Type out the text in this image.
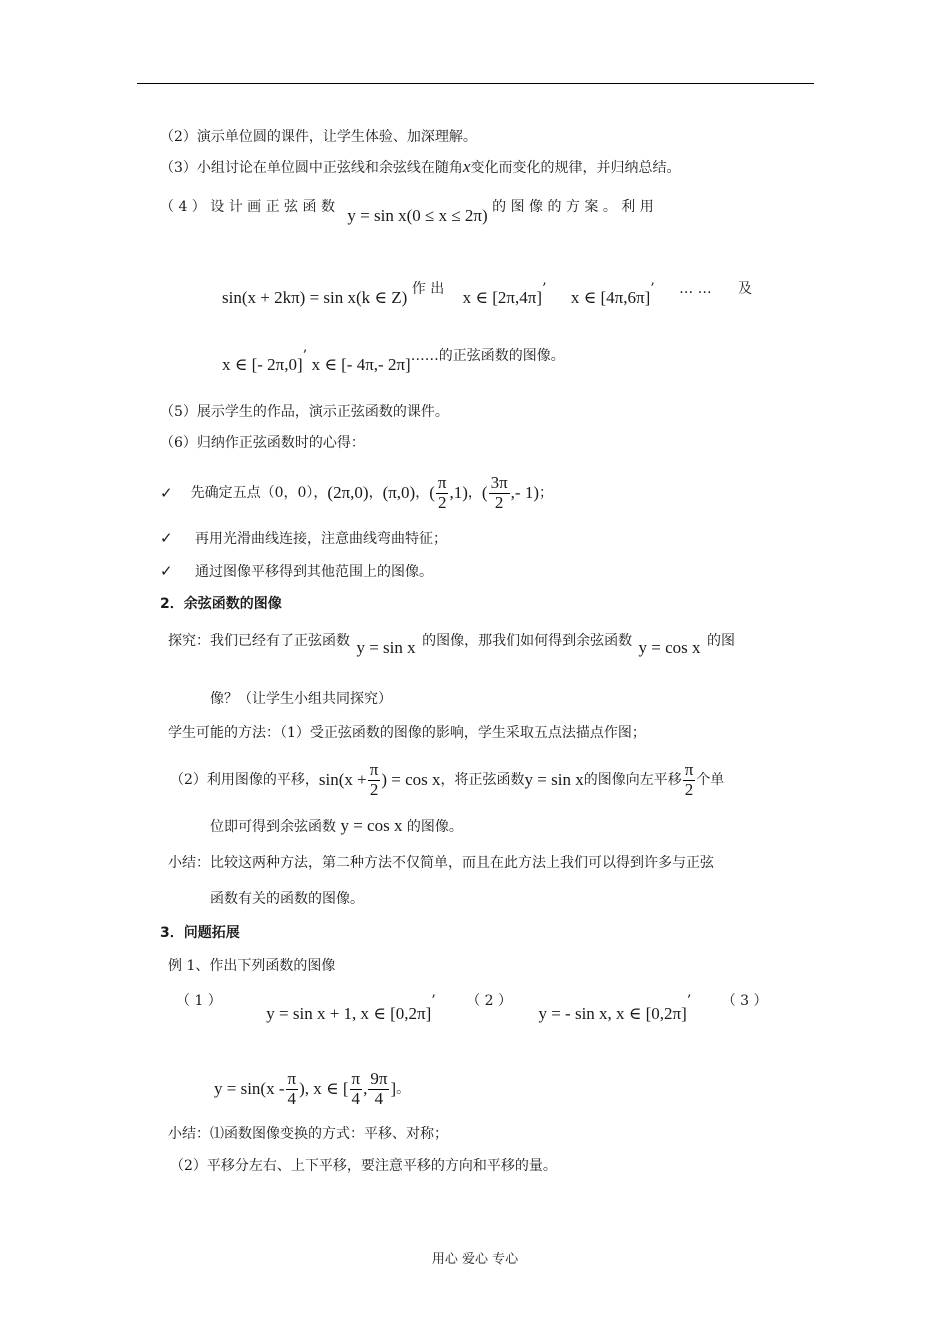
（2）演示单位圆的课件，让学生体验、加深理解。
（3）小组讨论在单位圆中正弦线和余弦线在随角x变化而变化的规律，并归纳总结。
（ 4 ） 设 计 画 正 弦 函 数 y = sin x(0 ≤ x ≤ 2π) 的 图 像 的 方 案 。 利 用
sin(x + 2kπ) = sin x(k ∈ Z) 作 出 x ∈ [2π,4π]’ x ∈ [4π,6π]’ … … 及
x ∈ [- 2π,0]’ x ∈ [- 4π,- 2π]……的正弦函数的图像。
（5）展示学生的作品，演示正弦函数的课件。
（6）归纳作正弦函数时的心得：
✓ 先确定五点（0，0）， (2π,0) ， (π,0) ， ( $\frac{\pi}{2} ,1$) ， ( $\frac{3\pi}{2}$ ,- 1) ；
✓ 再用光滑曲线连接，注意曲线弯曲特征；
✓ 通过图像平移得到其他范围上的图像。
2．余弦函数的图像
探究：我们已经有了正弦函数 y = sin x 的图像，那我们如何得到余弦函数 y = cos x 的图
像？（让学生小组共同探究）
学生可能的方法：（1）受正弦函数的图像的影响，学生采取五点法描点作图；
（2）利用图像的平移， $\sin(x + \frac{\pi}{2}$ ) = cos x ，将正弦函数 y = sin x 的图像向左平移 $\frac{\pi}{2}$ 个单
位即可得到余弦函数 y = cos x 的图像。
小结：比较这两种方法，第二种方法不仅简单，而且在此方法上我们可以得到许多与正弦
函数有关的函数的图像。
3．问题拓展
例 1、作出下列函数的图像
（ 1 ） y = sin x + 1, x ∈ [0,2π]’ （ 2 ） y = - sin x, x ∈ [0,2π]’ （ 3 ）
$y = \sin(x - \frac{\pi}{4}$ ), x ∈ [ $\frac{\pi}{4}$ , $\frac{9\pi}{4}$ ] 。
小结：⑴函数图像变换的方式：平移、对称；
（2）平移分左右、上下平移，要注意平移的方向和平移的量。
用心 爱心 专心
